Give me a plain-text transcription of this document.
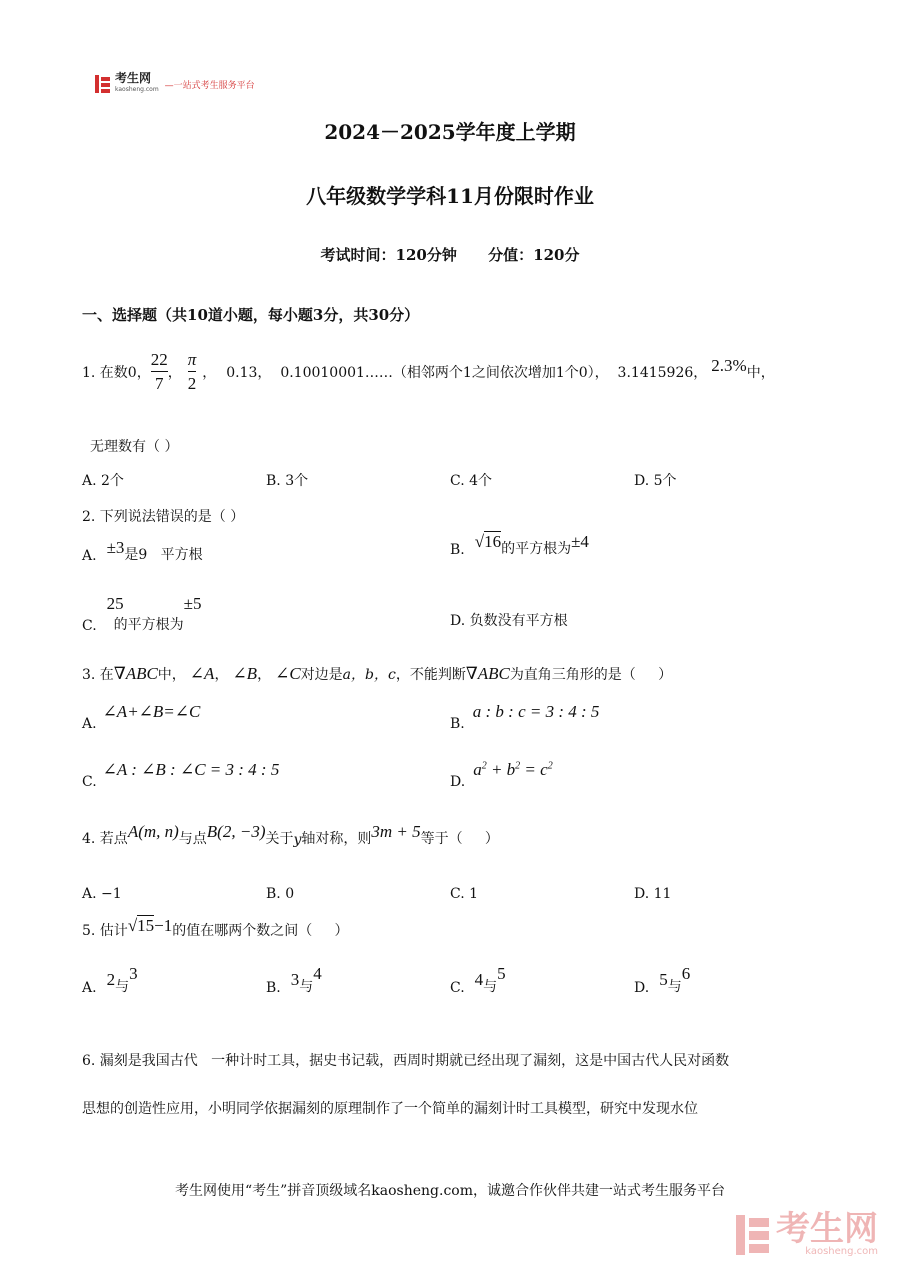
考生网
kaosheng.com —一站式考生服务平台
2024－2025学年度上学期
八年级数学学科11月份限时作业
考试时间：120分钟      分值：120分
一、选择题（共10道小题，每小题3分，共30分）
1. 在数0， $\frac{22}{7}$ ， $\frac{\pi}{2}$ ， 0.13，  0.10010001……（相邻两个1之间依次增加1个0），  3.1415926， 2.3% 中，
无理数有（ ）
A. 2个	B. 3个	C. 4个	D. 5个
2. 下列说法错误的是（ ）
A. ±3 是9   平方根	B. √16 的平方根为 ±4
C.
25
的平方根为
±5
D. 负数没有平方根
3. 在 ∇ABC 中， ∠A ， ∠B ， ∠C 对边是 a，b，c ，不能判断 ∇ABC 为直角三角形的是（     ）
A.
∠A+∠B=∠C
B.
a : b : c = 3 : 4 : 5
C.
∠A : ∠B : ∠C = 3 : 4 : 5
D.
$a^2 + b^2 = c^2$
4. 若点 A(m, n) 与点 B(2, −3) 关于 y 轴对称，则 3m + 5 等于（     ）
A. −1	B. 0	C. 1	D. 11
5. 估计 √15 −1 的值在哪两个数之间（     ）
A. 2 与
3
B. 3 与
4
C. 4 与
5
D. 5 与
6
6. 漏刻是我国古代   一种计时工具，据史书记载，西周时期就已经出现了漏刻，这是中国古代人民对函数
思想的创造性应用，小明同学依据漏刻的原理制作了一个简单的漏刻计时工具模型，研究中发现水位
考生网使用“考生”拼音顶级域名kaosheng.com，诚邀合作伙伴共建一站式考生服务平台
考生网
kaosheng.com
